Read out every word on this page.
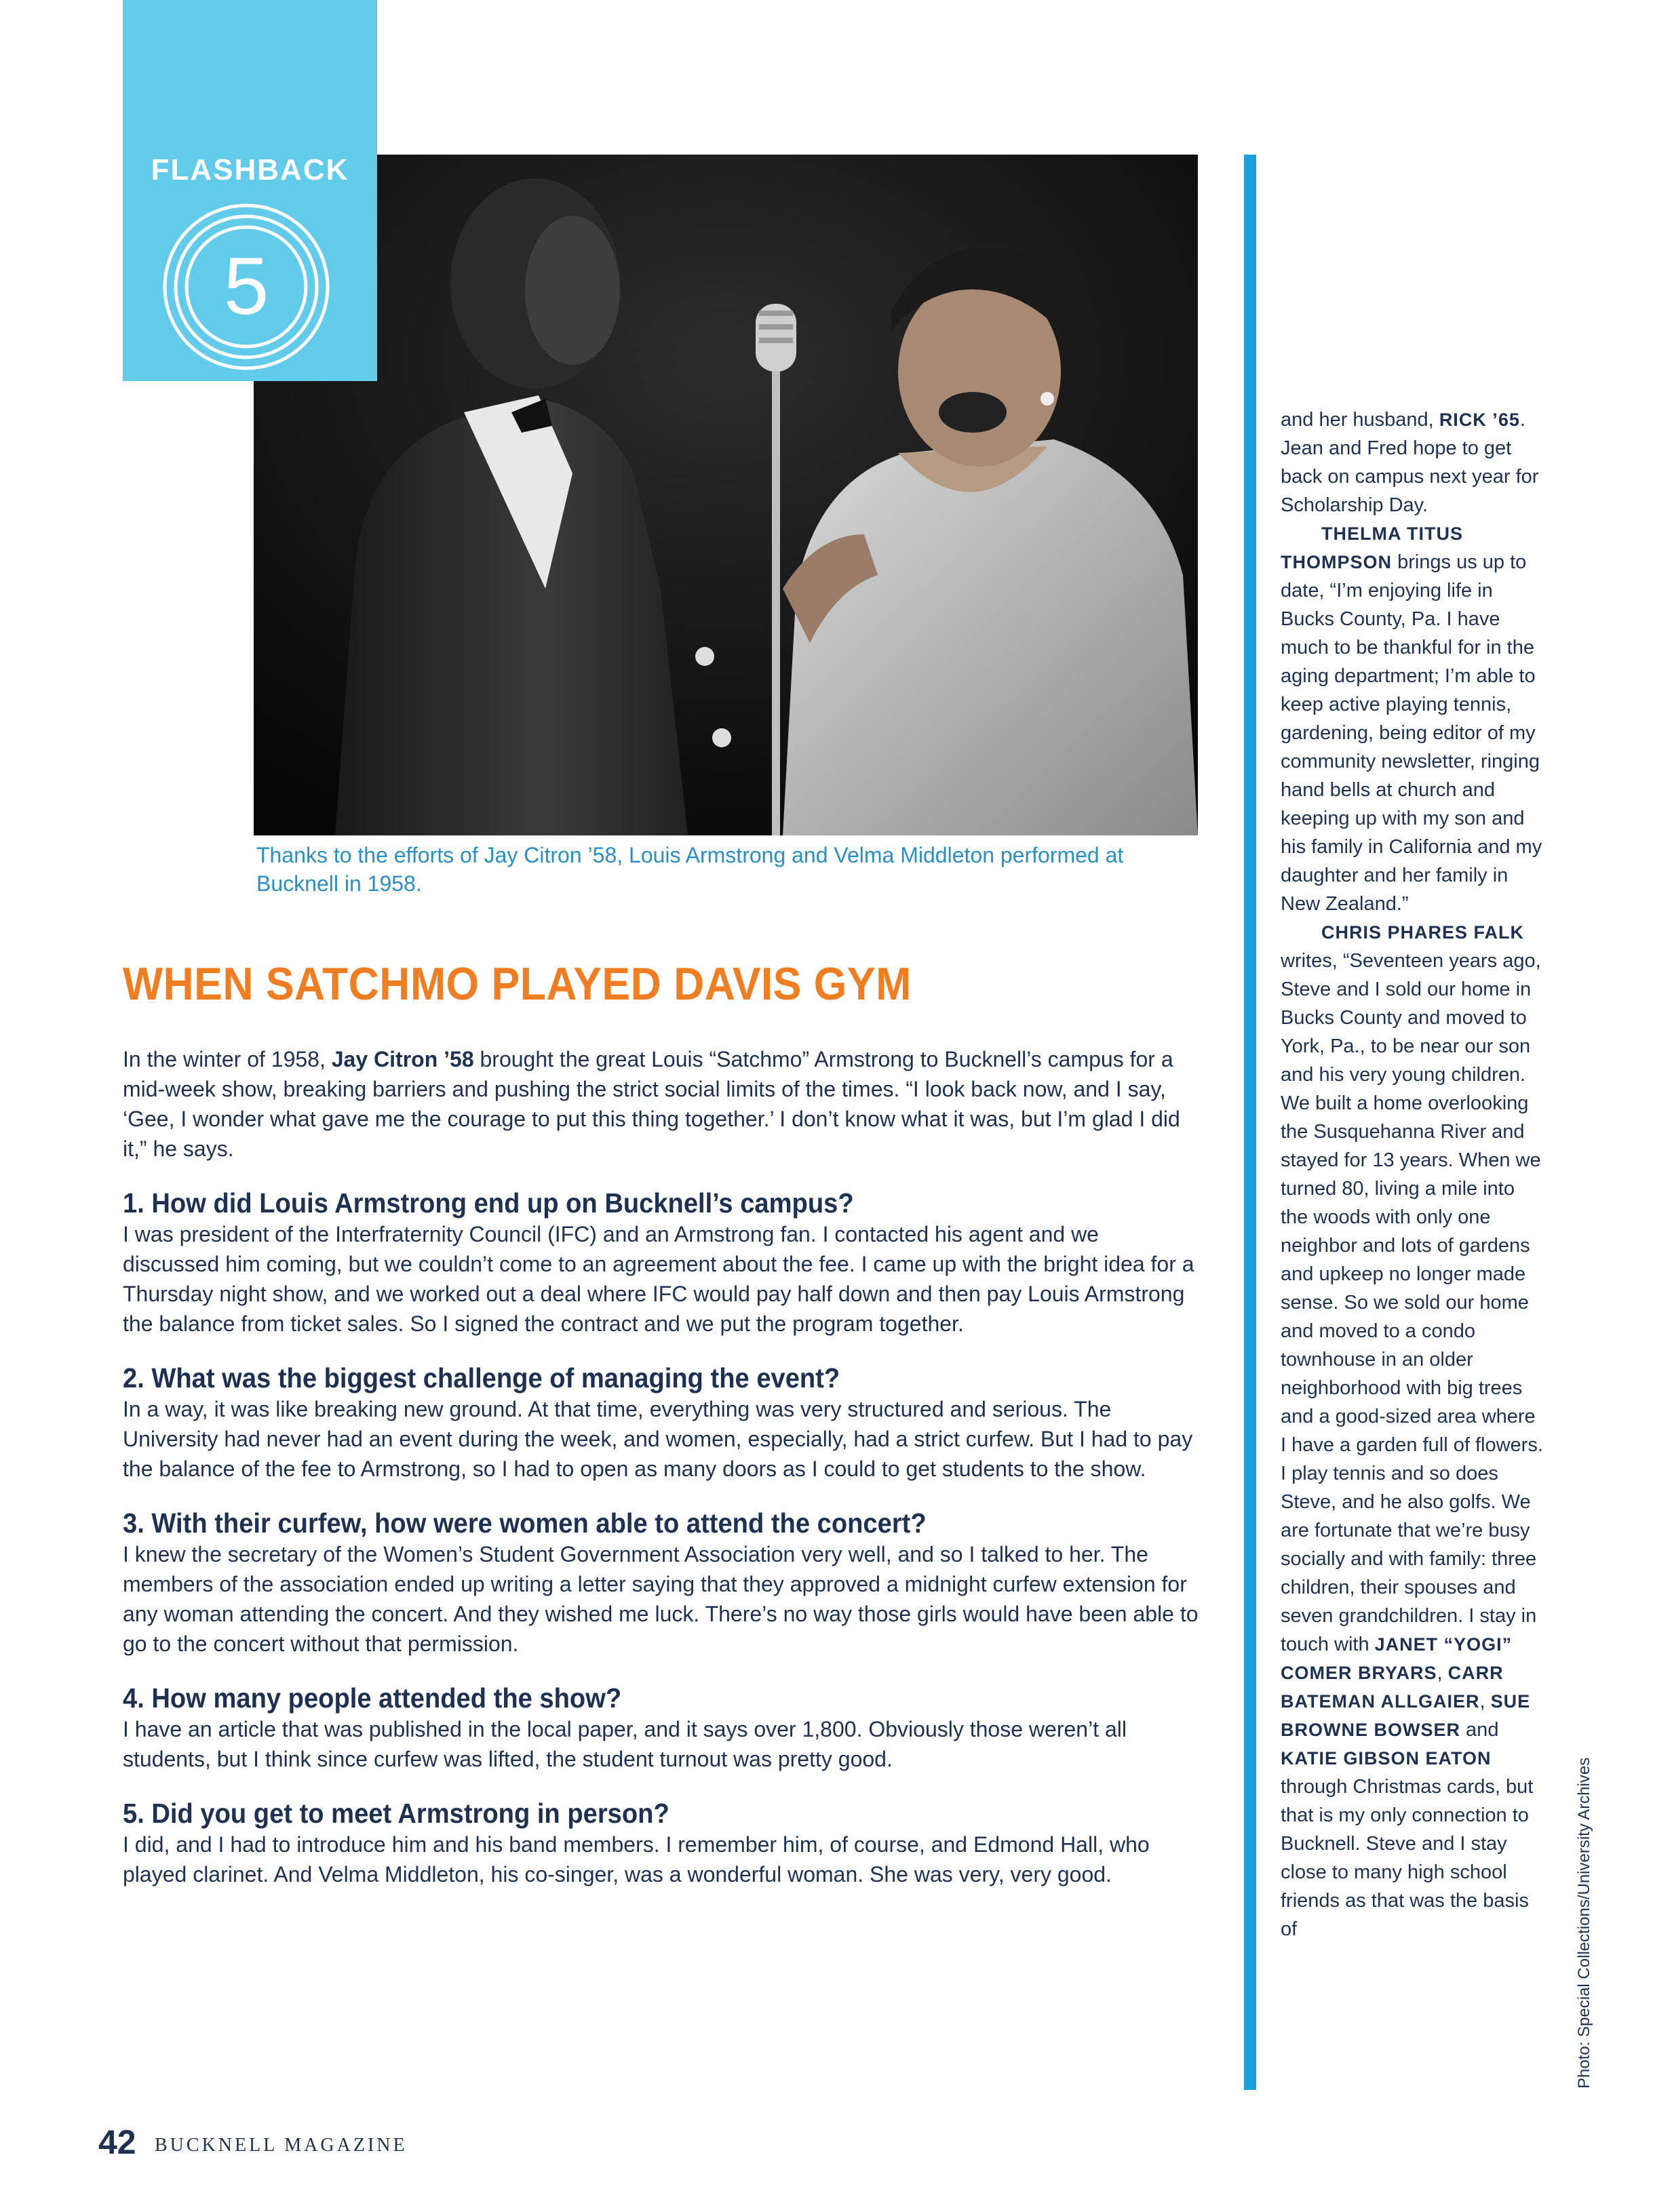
FLASHBACK
5
Thanks to the efforts of Jay Citron ’58, Louis Armstrong and Velma Middleton performed at Bucknell in 1958.
WHEN SATCHMO PLAYED DAVIS GYM

In the winter of 1958, Jay Citron ’58 brought the great Louis “Satchmo” Armstrong to Bucknell’s campus for a mid-week show, breaking barriers and pushing the strict social limits of the times. “I look back now, and I say, ‘Gee, I wonder what gave me the courage to put this thing together.’ I don’t know what it was, but I’m glad I did it,” he says.

1. How did Louis Armstrong end up on Bucknell’s campus?

I was president of the Interfraternity Council (IFC) and an Armstrong fan. I contacted his agent and we discussed him coming, but we couldn’t come to an agreement about the fee. I came up with the bright idea for a Thursday night show, and we worked out a deal where IFC would pay half down and then pay Louis Armstrong the balance from ticket sales. So I signed the contract and we put the program together.

2. What was the biggest challenge of managing the event?

In a way, it was like breaking new ground. At that time, everything was very structured and serious. The University had never had an event during the week, and women, especially, had a strict curfew. But I had to pay the balance of the fee to Armstrong, so I had to open as many doors as I could to get students to the show.

3. With their curfew, how were women able to attend the concert?

I knew the secretary of the Women’s Student Government Association very well, and so I talked to her. The members of the association ended up writing a letter saying that they approved a midnight curfew extension for any woman attending the concert. And they wished me luck. There’s no way those girls would have been able to go to the concert without that permission.

4. How many people attended the show?

I have an article that was published in the local paper, and it says over 1,800. Obviously those weren’t all students, but I think since curfew was lifted, the student turnout was pretty good.

5. Did you get to meet Armstrong in person?

I did, and I had to introduce him and his band members. I remember him, of course, and Edmond Hall, who played clarinet. And Velma Middleton, his co-singer, was a wonderful woman. She was very, very good.

and her husband, RICK ’65. Jean and Fred hope to get back on campus next year for Scholarship Day.

THELMA TITUS THOMPSON brings us up to date, “I’m enjoying life in Bucks County, Pa. I have much to be thankful for in the aging department; I’m able to keep active playing tennis, gardening, being editor of my community newsletter, ringing hand bells at church and keeping up with my son and his family in California and my daughter and her family in New Zealand.”

CHRIS PHARES FALK writes, “Seventeen years ago, Steve and I sold our home in Bucks County and moved to York, Pa., to be near our son and his very young children. We built a home overlooking the Susquehanna River and stayed for 13 years. When we turned 80, living a mile into the woods with only one neighbor and lots of gardens and upkeep no longer made sense. So we sold our home and moved to a condo townhouse in an older neighborhood with big trees and a good-sized area where I have a garden full of flowers. I play tennis and so does Steve, and he also golfs. We are fortunate that we’re busy socially and with family: three children, their spouses and seven grandchildren. I stay in touch with JANET “YOGI” COMER BRYARS, CARR BATEMAN ALLGAIER, SUE BROWNE BOWSER and KATIE GIBSON EATON through Christmas cards, but that is my only connection to Bucknell. Steve and I stay close to many high school friends as that was the basis of	Photo: Special Collections/University Archives
42 BUCKNELL MAGAZINE
